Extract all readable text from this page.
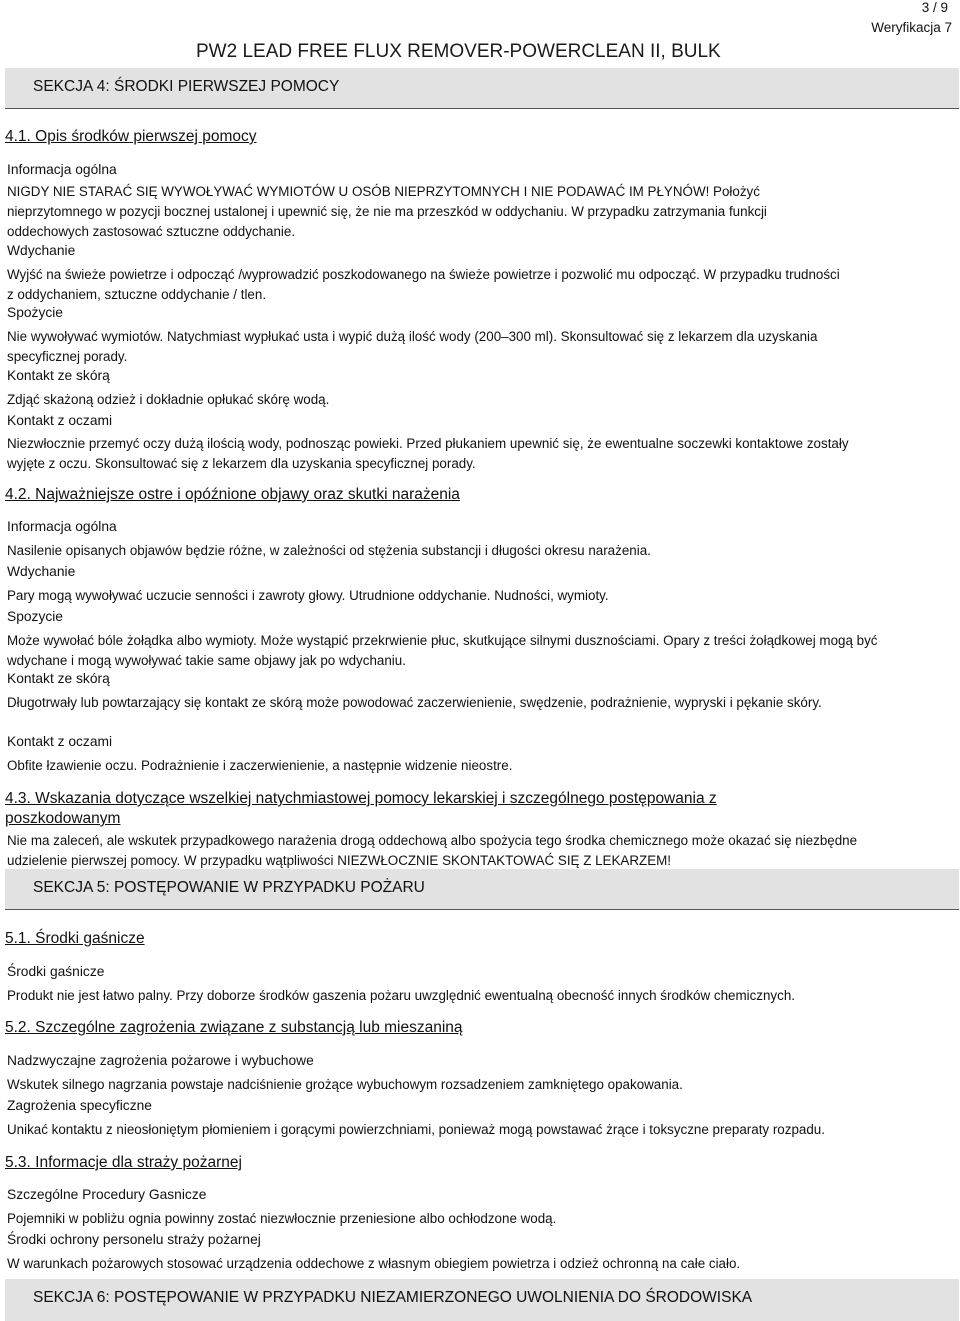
3 / 9
Weryfikacja 7
PW2 LEAD FREE FLUX REMOVER-POWERCLEAN II, BULK
SEKCJA 4: ŚRODKI PIERWSZEJ POMOCY
4.1. Opis środków pierwszej pomocy
Informacja ogólna

NIGDY NIE STARAĆ SIĘ WYWOŁYWAĆ WYMIOTÓW U OSÓB NIEPRZYTOMNYCH I NIE PODAWAĆ IM PŁYNÓW! Położyć nieprzytomnego w pozycji bocznej ustalonej i upewnić się, że nie ma przeszkód w oddychaniu. W przypadku zatrzymania funkcji oddechowych zastosować sztuczne oddychanie.

Wdychanie

Wyjść na świeże powietrze i odpocząć /wyprowadzić poszkodowanego na świeże powietrze i pozwolić mu odpocząć. W przypadku trudności z oddychaniem, sztuczne oddychanie / tlen.

Spożycie

Nie wywoływać wymiotów. Natychmiast wypłukać usta i wypić dużą ilość wody (200–300 ml). Skonsultować się z lekarzem dla uzyskania specyficznej porady.

Kontakt ze skórą

Zdjąć skażoną odzież i dokładnie opłukać skórę wodą.

Kontakt z oczami

Niezwłocznie przemyć oczy dużą ilością wody, podnosząc powieki. Przed płukaniem upewnić się, że ewentualne soczewki kontaktowe zostały wyjęte z oczu. Skonsultować się z lekarzem dla uzyskania specyficznej porady.

4.2. Najważniejsze ostre i opóźnione objawy oraz skutki narażenia
Informacja ogólna

Nasilenie opisanych objawów będzie różne, w zależności od stężenia substancji i długości okresu narażenia.

Wdychanie

Pary mogą wywoływać uczucie senności i zawroty głowy. Utrudnione oddychanie. Nudności, wymioty.

Spozycie

Może wywołać bóle żołądka albo wymioty. Może wystąpić przekrwienie płuc, skutkujące silnymi dusznościami. Opary z treści żołądkowej mogą być wdychane i mogą wywoływać takie same objawy jak po wdychaniu.

Kontakt ze skórą

Długotrwały lub powtarzający się kontakt ze skórą może powodować zaczerwienienie, swędzenie, podrażnienie, wypryski i pękanie skóry.

Kontakt z oczami

Obfite łzawienie oczu. Podrażnienie i zaczerwienienie, a następnie widzenie nieostre.

4.3. Wskazania dotyczące wszelkiej natychmiastowej pomocy lekarskiej i szczególnego postępowania z
poszkodowanym

Nie ma zaleceń, ale wskutek przypadkowego narażenia drogą oddechową albo spożycia tego środka chemicznego może okazać się niezbędne udzielenie pierwszej pomocy. W przypadku wątpliwości NIEZWŁOCZNIE SKONTAKTOWAĆ SIĘ Z LEKARZEM!

SEKCJA 5: POSTĘPOWANIE W PRZYPADKU POŻARU
5.1. Środki gaśnicze
Środki gaśnicze

Produkt nie jest łatwo palny. Przy doborze środków gaszenia pożaru uwzględnić ewentualną obecność innych środków chemicznych.

5.2. Szczególne zagrożenia związane z substancją lub mieszaniną
Nadzwyczajne zagrożenia pożarowe i wybuchowe

Wskutek silnego nagrzania powstaje nadciśnienie grożące wybuchowym rozsadzeniem zamkniętego opakowania.

Zagrożenia specyficzne

Unikać kontaktu z nieosłoniętym płomieniem i gorącymi powierzchniami, ponieważ mogą powstawać żrące i toksyczne preparaty rozpadu.

5.3. Informacje dla straży pożarnej
Szczególne Procedury Gasnicze

Pojemniki w pobliżu ognia powinny zostać niezwłocznie przeniesione albo ochłodzone wodą.

Środki ochrony personelu straży pożarnej

W warunkach pożarowych stosować urządzenia oddechowe z własnym obiegiem powietrza i odzież ochronną na całe ciało.

SEKCJA 6: POSTĘPOWANIE W PRZYPADKU NIEZAMIERZONEGO UWOLNIENIA DO ŚRODOWISKA
